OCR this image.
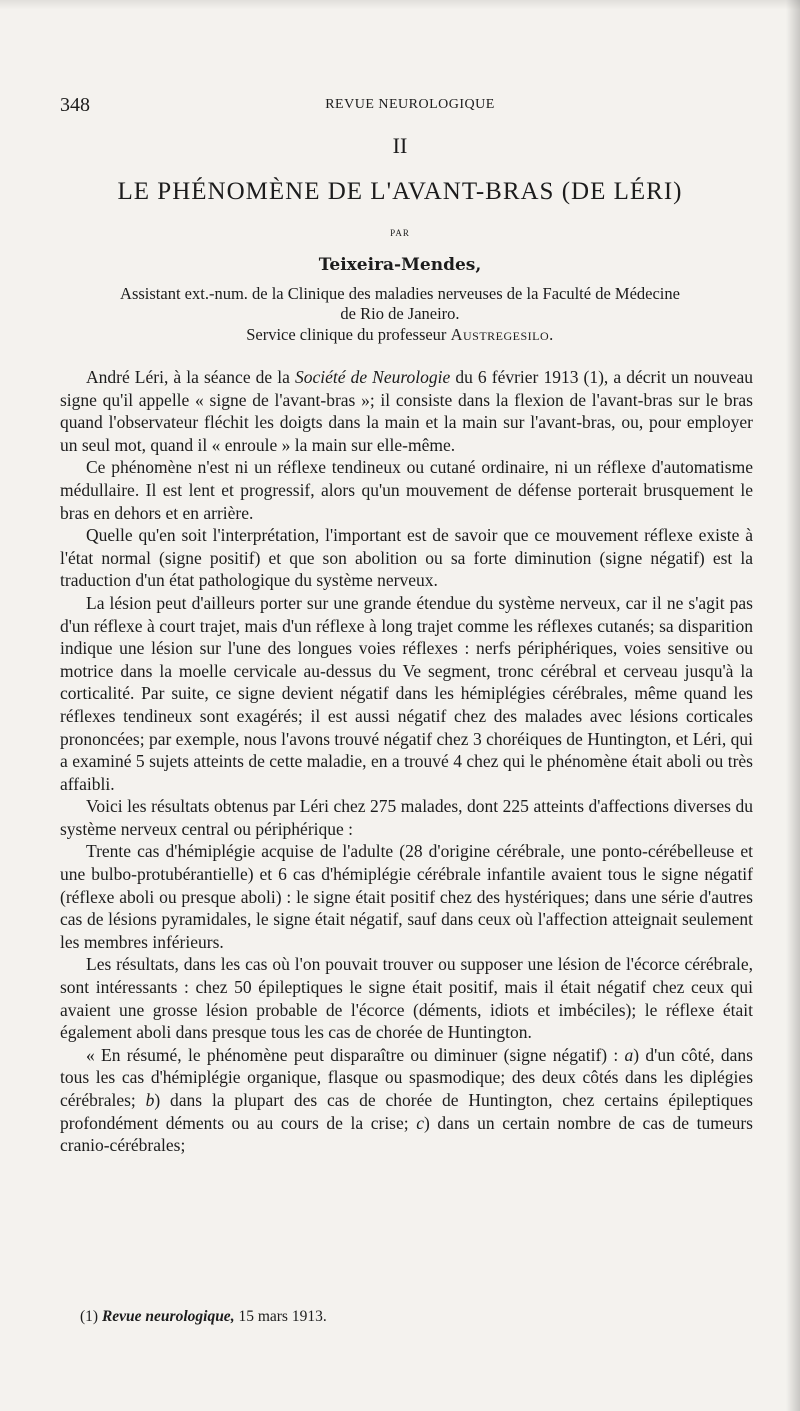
348	REVUE NEUROLOGIQUE
II
LE PHÉNOMÈNE DE L'AVANT-BRAS (DE LÉRI)
PAR
Teixeira-Mendes,
Assistant ext.-num. de la Clinique des maladies nerveuses de la Faculté de Médecine
de Rio de Janeiro.
Service clinique du professeur Austregesilo.

André Léri, à la séance de la Société de Neurologie du 6 février 1913 (1), a décrit un nouveau signe qu'il appelle « signe de l'avant-bras »; il consiste dans la flexion de l'avant-bras sur le bras quand l'observateur fléchit les doigts dans la main et la main sur l'avant-bras, ou, pour employer un seul mot, quand il « enroule » la main sur elle-même.

Ce phénomène n'est ni un réflexe tendineux ou cutané ordinaire, ni un réflexe d'automatisme médullaire. Il est lent et progressif, alors qu'un mouvement de défense porterait brusquement le bras en dehors et en arrière.

Quelle qu'en soit l'interprétation, l'important est de savoir que ce mouvement réflexe existe à l'état normal (signe positif) et que son abolition ou sa forte diminution (signe négatif) est la traduction d'un état pathologique du système nerveux.

La lésion peut d'ailleurs porter sur une grande étendue du système nerveux, car il ne s'agit pas d'un réflexe à court trajet, mais d'un réflexe à long trajet comme les réflexes cutanés; sa disparition indique une lésion sur l'une des longues voies réflexes : nerfs périphériques, voies sensitive ou motrice dans la moelle cervicale au-dessus du Ve segment, tronc cérébral et cerveau jusqu'à la corticalité. Par suite, ce signe devient négatif dans les hémiplégies cérébrales, même quand les réflexes tendineux sont exagérés; il est aussi négatif chez des malades avec lésions corticales prononcées; par exemple, nous l'avons trouvé négatif chez 3 choréiques de Huntington, et Léri, qui a examiné 5 sujets atteints de cette maladie, en a trouvé 4 chez qui le phénomène était aboli ou très affaibli.

Voici les résultats obtenus par Léri chez 275 malades, dont 225 atteints d'affections diverses du système nerveux central ou périphérique :

Trente cas d'hémiplégie acquise de l'adulte (28 d'origine cérébrale, une ponto-cérébelleuse et une bulbo-protubérantielle) et 6 cas d'hémiplégie cérébrale infantile avaient tous le signe négatif (réflexe aboli ou presque aboli) : le signe était positif chez des hystériques; dans une série d'autres cas de lésions pyramidales, le signe était négatif, sauf dans ceux où l'affection atteignait seulement les membres inférieurs.

Les résultats, dans les cas où l'on pouvait trouver ou supposer une lésion de l'écorce cérébrale, sont intéressants : chez 50 épileptiques le signe était positif, mais il était négatif chez ceux qui avaient une grosse lésion probable de l'écorce (déments, idiots et imbéciles); le réflexe était également aboli dans presque tous les cas de chorée de Huntington.

« En résumé, le phénomène peut disparaître ou diminuer (signe négatif) : a) d'un côté, dans tous les cas d'hémiplégie organique, flasque ou spasmodique; des deux côtés dans les diplégies cérébrales; b) dans la plupart des cas de chorée de Huntington, chez certains épileptiques profondément déments ou au cours de la crise; c) dans un certain nombre de cas de tumeurs cranio-cérébrales;

(1) Revue neurologique, 15 mars 1913.
